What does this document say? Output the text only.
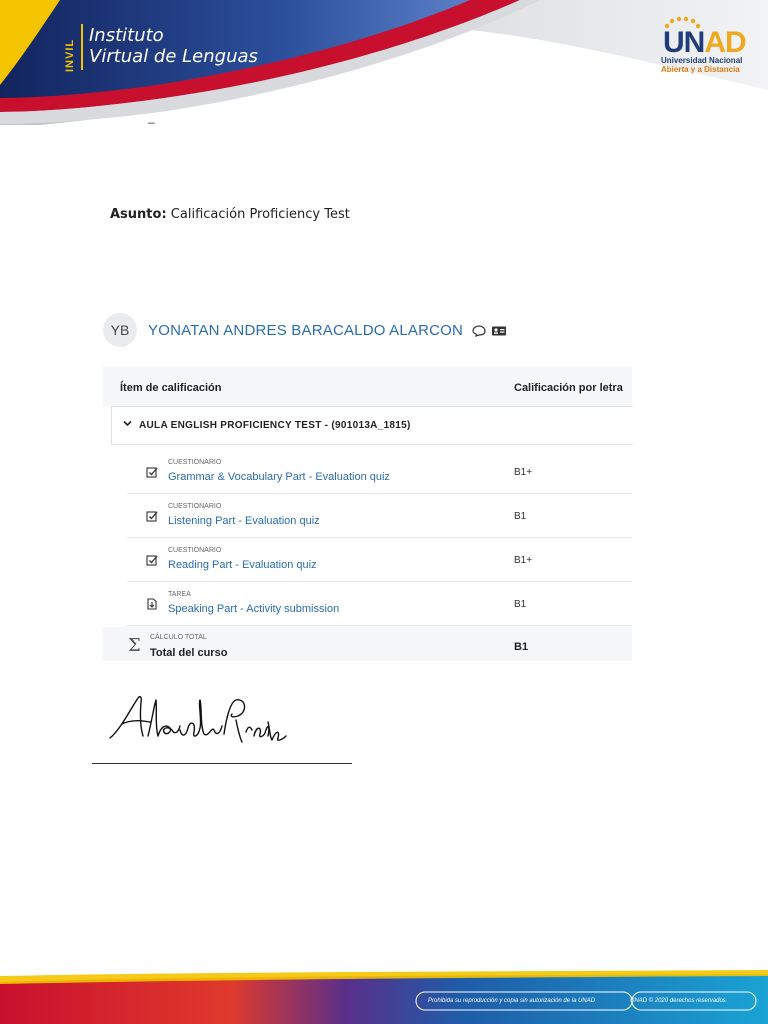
INVIL
Instituto
Virtual de Lenguas	UNAD
Universidad Nacional
Abierta y a Distancia
_
Asunto: Calificación Proficiency Test
YB	YONATAN ANDRES BARACALDO ALARCON
Ítem de calificación	Calificación por letra
AULA ENGLISH PROFICIENCY TEST - (901013A_1815)
CUESTIONARIO
Grammar & Vocabulary Part - Evaluation quiz	B1+
CUESTIONARIO
Listening Part - Evaluation quiz	B1
CUESTIONARIO
Reading Part - Evaluation quiz	B1+
TAREA
Speaking Part - Activity submission	B1
Σ CÁLCULO TOTAL
Total del curso	B1
Prohibida su reproducción y copia sin autorización de la UNAD	UNAD © 2020 derechos reservados
